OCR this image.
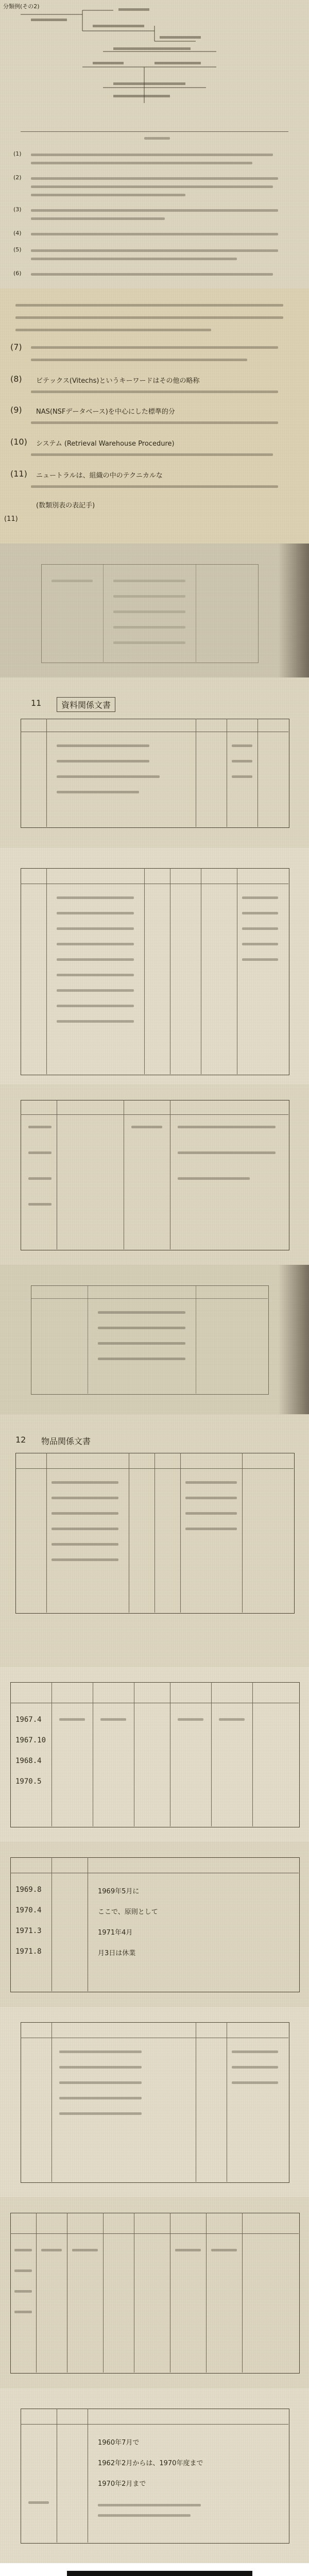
分類例(その2)
(1)
(2)
(3)
(4)
(5)
(6)
(7)
(8) ビテックス(Vitechs)というキーワードはその他の略称
(9) NAS(NSFデータベース)を中心にした標準的分
(10) システム (Retrieval Warehouse Procedure)
(11) ニュートラルは、組織の中のテクニカルな
(数類別表の表記手)
(11)
11	資料関係文書
12 物品関係文書
1967.4
1967.10
1968.4
1970.5
1969.8
1970.4
1971.3
1971.8
1969年5月に
ここで、原則として
1971年4月
月3日は休業
1960年7月で
1962年2月からは、1970年度まで
1970年2月まで
